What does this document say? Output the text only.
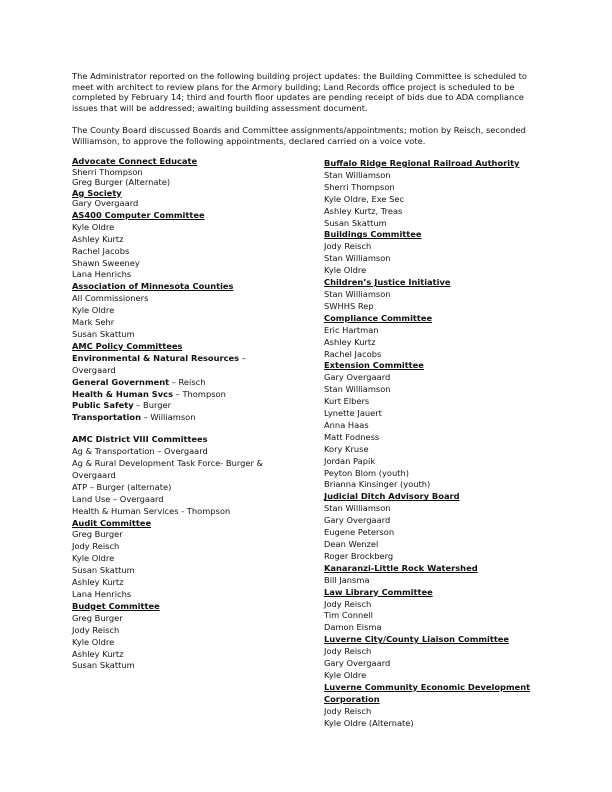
The Administrator reported on the following building project updates: the Building Committee is scheduled to meet with architect to review plans for the Armory building; Land Records office project is scheduled to be completed by February 14; third and fourth floor updates are pending receipt of bids due to ADA compliance issues that will be addressed; awaiting building assessment document.

The County Board discussed Boards and Committee assignments/appointments; motion by Reisch, seconded Williamson, to approve the following appointments, declared carried on a voice vote.

Advocate Connect Educate
Sherri Thompson
Greg Burger (Alternate)
Ag Society
Gary Overgaard
AS400 Computer Committee
Kyle Oldre
Ashley Kurtz
Rachel Jacobs
Shawn Sweeney
Lana Henrichs
Association of Minnesota Counties
All Commissioners
Kyle Oldre
Mark Sehr
Susan Skattum
AMC Policy Committees
Environmental & Natural Resources –
Overgaard
General Government – Reisch
Health & Human Svcs – Thompson
Public Safety – Burger
Transportation – Williamson
AMC District VIII Committees
Ag & Transportation – Overgaard
Ag & Rural Development Task Force- Burger &
Overgaard
ATP – Burger (alternate)
Land Use – Overgaard
Health & Human Services - Thompson
Audit Committee
Greg Burger
Jody Reisch
Kyle Oldre
Susan Skattum
Ashley Kurtz
Lana Henrichs
Budget Committee
Greg Burger
Jody Reisch
Kyle Oldre
Ashley Kurtz
Susan Skattum
Buffalo Ridge Regional Railroad Authority
Stan Williamson
Sherri Thompson
Kyle Oldre, Exe Sec
Ashley Kurtz, Treas
Susan Skattum
Buildings Committee
Jody Reisch
Stan Williamson
Kyle Oldre
Children’s Justice Initiative
Stan Williamson
SWHHS Rep
Compliance Committee
Eric Hartman
Ashley Kurtz
Rachel Jacobs
Extension Committee
Gary Overgaard
Stan Williamson
Kurt Elbers
Lynette Jauert
Anna Haas
Matt Fodness
Kory Kruse
Jordan Papik
Peyton Blom (youth)
Brianna Kinsinger (youth)
Judicial Ditch Advisory Board
Stan Williamson
Gary Overgaard
Eugene Peterson
Dean Wenzel
Roger Brockberg
Kanaranzi-Little Rock Watershed
Bill Jansma
Law Library Committee
Jody Reisch
Tim Connell
Damon Eisma
Luverne City/County Liaison Committee
Jody Reisch
Gary Overgaard
Kyle Oldre
Luverne Community Economic Development
Corporation
Jody Reisch
Kyle Oldre (Alternate)
